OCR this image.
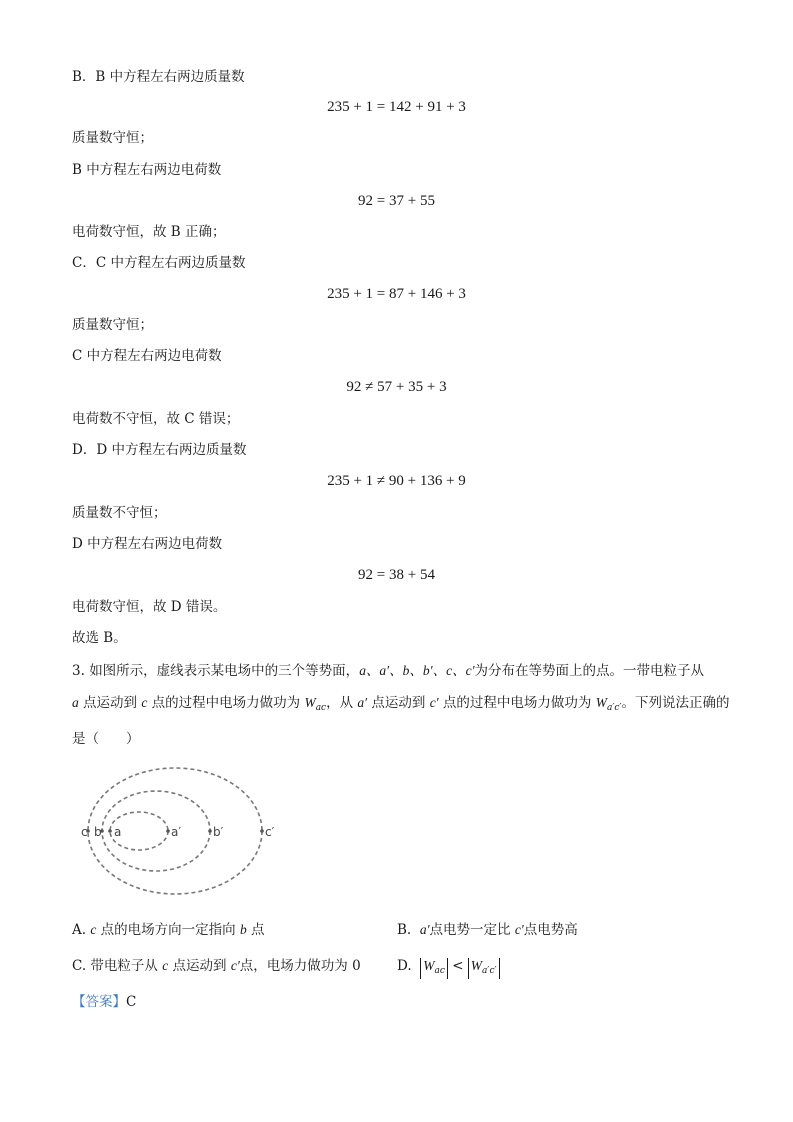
B．B 中方程左右两边质量数
235 + 1 = 142 + 91 + 3
质量数守恒；
B 中方程左右两边电荷数
92 = 37 + 55
电荷数守恒，故 B 正确；
C．C 中方程左右两边质量数
235 + 1 = 87 + 146 + 3
质量数守恒；
C 中方程左右两边电荷数
92 ≠ 57 + 35 + 3
电荷数不守恒，故 C 错误；
D．D 中方程左右两边质量数
235 + 1 ≠ 90 + 136 + 9
质量数不守恒；
D 中方程左右两边电荷数
92 = 38 + 54
电荷数守恒，故 D 错误。
故选 B。
3. 如图所示，虚线表示某电场中的三个等势面，a、a′、b、b′、c、c′为分布在等势面上的点。一带电粒子从
a 点运动到 c 点的过程中电场力做功为 $W_{ac}$，从 a′ 点运动到 c′ 点的过程中电场力做功为 $W_{a'c'}$。下列说法正确的是（　　）
c b a	a′	b′	c′
A. c 点的电场方向一定指向 b 点	B. a′点电势一定比 c′点电势高
C. 带电粒子从 c 点运动到 c′点，电场力做功为 0	D. $W_{ac} < W_{a'c'}$
【答案】C
